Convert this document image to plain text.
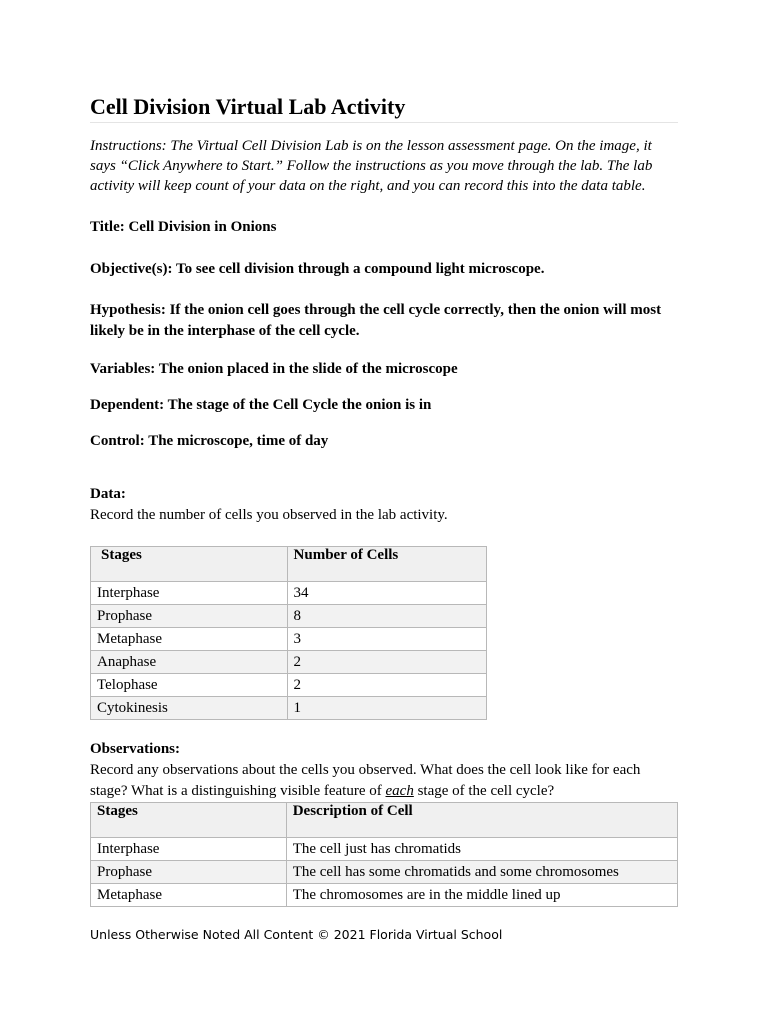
Cell Division Virtual Lab Activity
Instructions: The Virtual Cell Division Lab is on the lesson assessment page. On the image, it says “Click Anywhere to Start.” Follow the instructions as you move through the lab. The lab activity will keep count of your data on the right, and you can record this into the data table.
Title: Cell Division in Onions
Objective(s): To see cell division through a compound light microscope.
Hypothesis: If the onion cell goes through the cell cycle correctly, then the onion will most likely be in the interphase of the cell cycle.
Variables: The onion placed in the slide of the microscope
Dependent: The stage of the Cell Cycle the onion is in
Control: The microscope, time of day
Data:
Record the number of cells you observed in the lab activity.
Stages	Number of Cells
Interphase	34
Prophase	8
Metaphase	3
Anaphase	2
Telophase	2
Cytokinesis	1
Observations:
Record any observations about the cells you observed. What does the cell look like for each stage? What is a distinguishing visible feature of each stage of the cell cycle?
Stages	Description of Cell
Interphase	The cell just has chromatids
Prophase	The cell has some chromatids and some chromosomes
Metaphase	The chromosomes are in the middle lined up
Unless Otherwise Noted All Content © 2021 Florida Virtual School
